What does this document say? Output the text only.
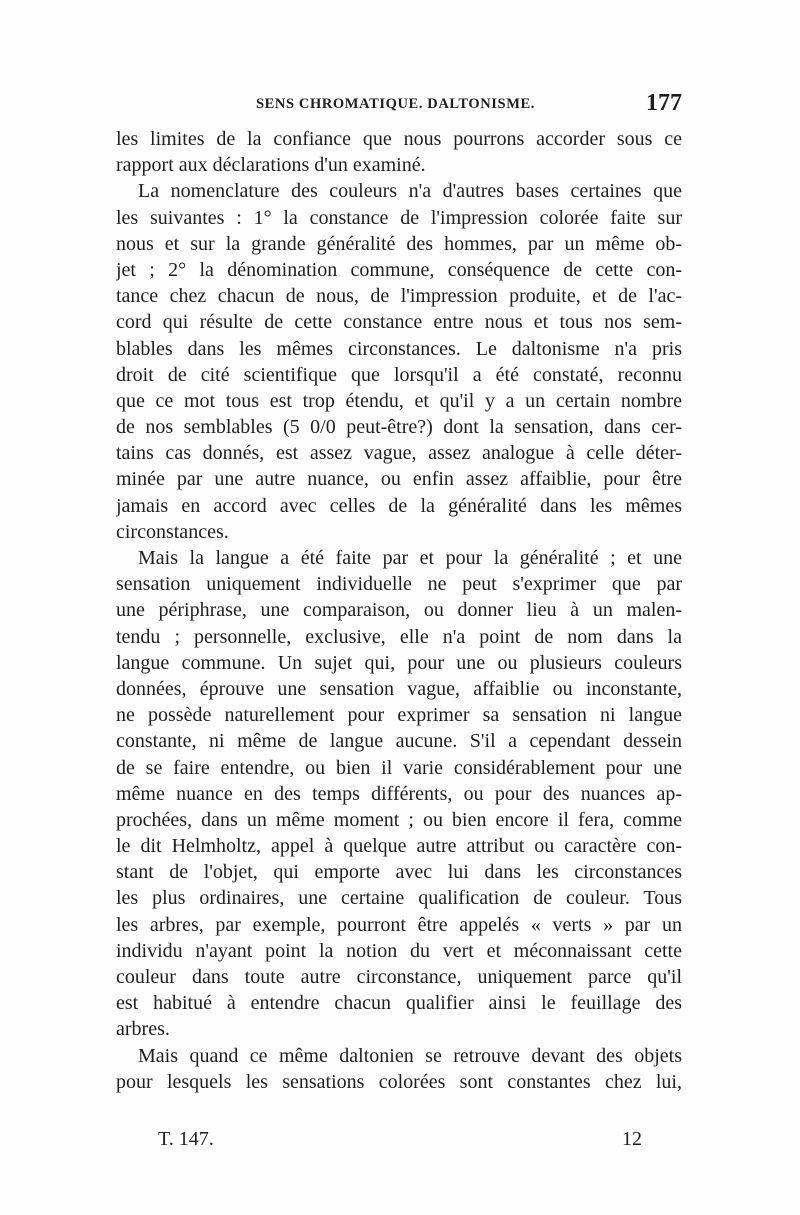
SENS CHROMATIQUE. DALTONISME.	177
les limites de la confiance que nous pourrons accorder sous ce
rapport aux déclarations d'un examiné.
La nomenclature des couleurs n'a d'autres bases certaines que
les suivantes : 1° la constance de l'impression colorée faite sur
nous et sur la grande généralité des hommes, par un même ob-
jet ; 2° la dénomination commune, conséquence de cette con-
tance chez chacun de nous, de l'impression produite, et de l'ac-
cord qui résulte de cette constance entre nous et tous nos sem-
blables dans les mêmes circonstances. Le daltonisme n'a pris
droit de cité scientifique que lorsqu'il a été constaté, reconnu
que ce mot tous est trop étendu, et qu'il y a un certain nombre
de nos semblables (5 0/0 peut-être?) dont la sensation, dans cer-
tains cas donnés, est assez vague, assez analogue à celle déter-
minée par une autre nuance, ou enfin assez affaiblie, pour être
jamais en accord avec celles de la généralité dans les mêmes
circonstances.
Mais la langue a été faite par et pour la généralité ; et une
sensation uniquement individuelle ne peut s'exprimer que par
une périphrase, une comparaison, ou donner lieu à un malen-
tendu ; personnelle, exclusive, elle n'a point de nom dans la
langue commune. Un sujet qui, pour une ou plusieurs couleurs
données, éprouve une sensation vague, affaiblie ou inconstante,
ne possède naturellement pour exprimer sa sensation ni langue
constante, ni même de langue aucune. S'il a cependant dessein
de se faire entendre, ou bien il varie considérablement pour une
même nuance en des temps différents, ou pour des nuances ap-
prochées, dans un même moment ; ou bien encore il fera, comme
le dit Helmholtz, appel à quelque autre attribut ou caractère con-
stant de l'objet, qui emporte avec lui dans les circonstances
les plus ordinaires, une certaine qualification de couleur. Tous
les arbres, par exemple, pourront être appelés « verts » par un
individu n'ayant point la notion du vert et méconnaissant cette
couleur dans toute autre circonstance, uniquement parce qu'il
est habitué à entendre chacun qualifier ainsi le feuillage des
arbres.
Mais quand ce même daltonien se retrouve devant des objets
pour lesquels les sensations colorées sont constantes chez lui,
T. 147.	12
